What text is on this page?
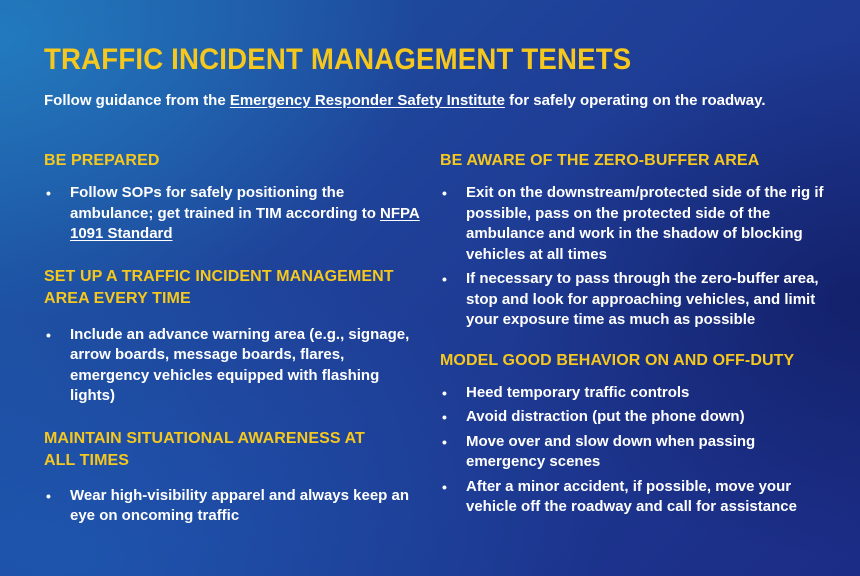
TRAFFIC INCIDENT MANAGEMENT TENETS

Follow guidance from the Emergency Responder Safety Institute for safely operating on the roadway.

BE PREPARED
• Follow SOPs for safely positioning the ambulance; get trained in TIM according to NFPA 1091 Standard
SET UP A TRAFFIC INCIDENT MANAGEMENT
AREA EVERY TIME
• Include an advance warning area (e.g., signage, arrow boards, message boards, flares, emergency vehicles equipped with flashing lights)
MAINTAIN SITUATIONAL AWARENESS AT
ALL TIMES
• Wear high-visibility apparel and always keep an eye on oncoming traffic
BE AWARE OF THE ZERO-BUFFER AREA
• Exit on the downstream/protected side of the rig if possible, pass on the protected side of the ambulance and work in the shadow of blocking vehicles at all times
• If necessary to pass through the zero-buffer area, stop and look for approaching vehicles, and limit your exposure time as much as possible
MODEL GOOD BEHAVIOR ON AND OFF-DUTY
• Heed temporary traffic controls
• Avoid distraction (put the phone down)
• Move over and slow down when passing emergency scenes
• After a minor accident, if possible, move your vehicle off the roadway and call for assistance
